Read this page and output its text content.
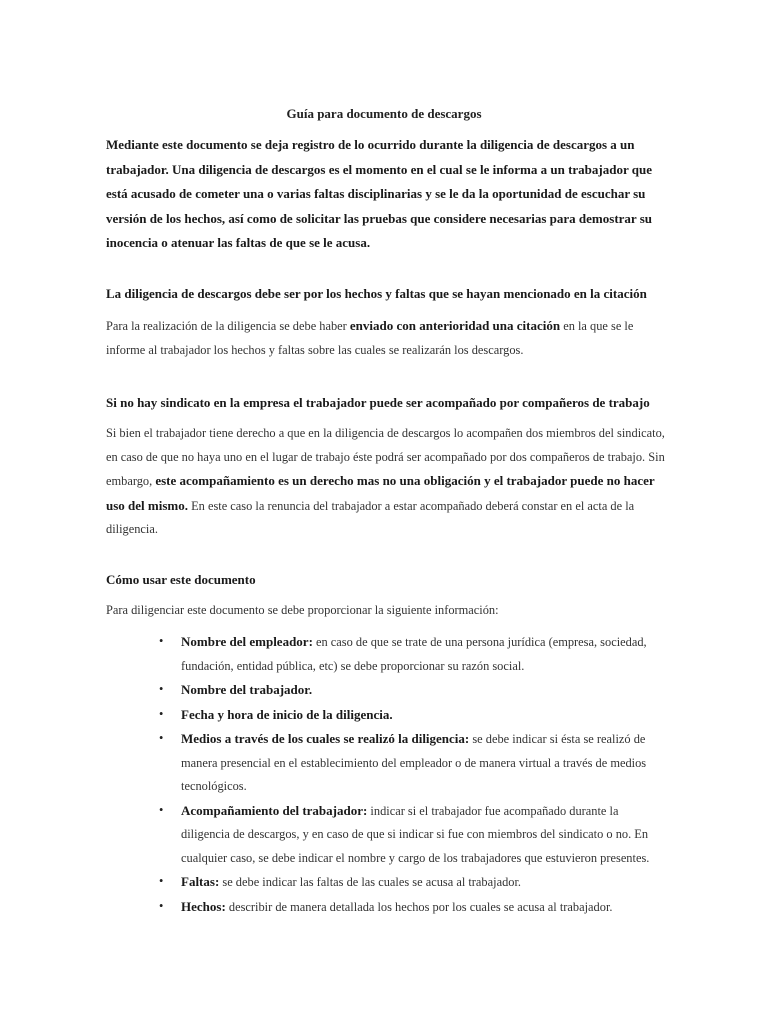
Guía para documento de descargos
Mediante este documento se deja registro de lo ocurrido durante la diligencia de descargos a un trabajador. Una diligencia de descargos es el momento en el cual se le informa a un trabajador que está acusado de cometer una o varias faltas disciplinarias y se le da la oportunidad de escuchar su versión de los hechos, así como de solicitar las pruebas que considere necesarias para demostrar su inocencia o atenuar las faltas de que se le acusa.
La diligencia de descargos debe ser por los hechos y faltas que se hayan mencionado en la citación
Para la realización de la diligencia se debe haber enviado con anterioridad una citación en la que se le informe al trabajador los hechos y faltas sobre las cuales se realizarán los descargos.
Si no hay sindicato en la empresa el trabajador puede ser acompañado por compañeros de trabajo
Si bien el trabajador tiene derecho a que en la diligencia de descargos lo acompañen dos miembros del sindicato, en caso de que no haya uno en el lugar de trabajo éste podrá ser acompañado por dos compañeros de trabajo. Sin embargo, este acompañamiento es un derecho mas no una obligación y el trabajador puede no hacer uso del mismo. En este caso la renuncia del trabajador a estar acompañado deberá constar en el acta de la diligencia.
Cómo usar este documento
Para diligenciar este documento se debe proporcionar la siguiente información:
• Nombre del empleador: en caso de que se trate de una persona jurídica (empresa, sociedad, fundación, entidad pública, etc) se debe proporcionar su razón social.
• Nombre del trabajador.
• Fecha y hora de inicio de la diligencia.
• Medios a través de los cuales se realizó la diligencia: se debe indicar si ésta se realizó de manera presencial en el establecimiento del empleador o de manera virtual a través de medios tecnológicos.
• Acompañamiento del trabajador: indicar si el trabajador fue acompañado durante la diligencia de descargos, y en caso de que si indicar si fue con miembros del sindicato o no. En cualquier caso, se debe indicar el nombre y cargo de los trabajadores que estuvieron presentes.
• Faltas: se debe indicar las faltas de las cuales se acusa al trabajador.
• Hechos: describir de manera detallada los hechos por los cuales se acusa al trabajador.
